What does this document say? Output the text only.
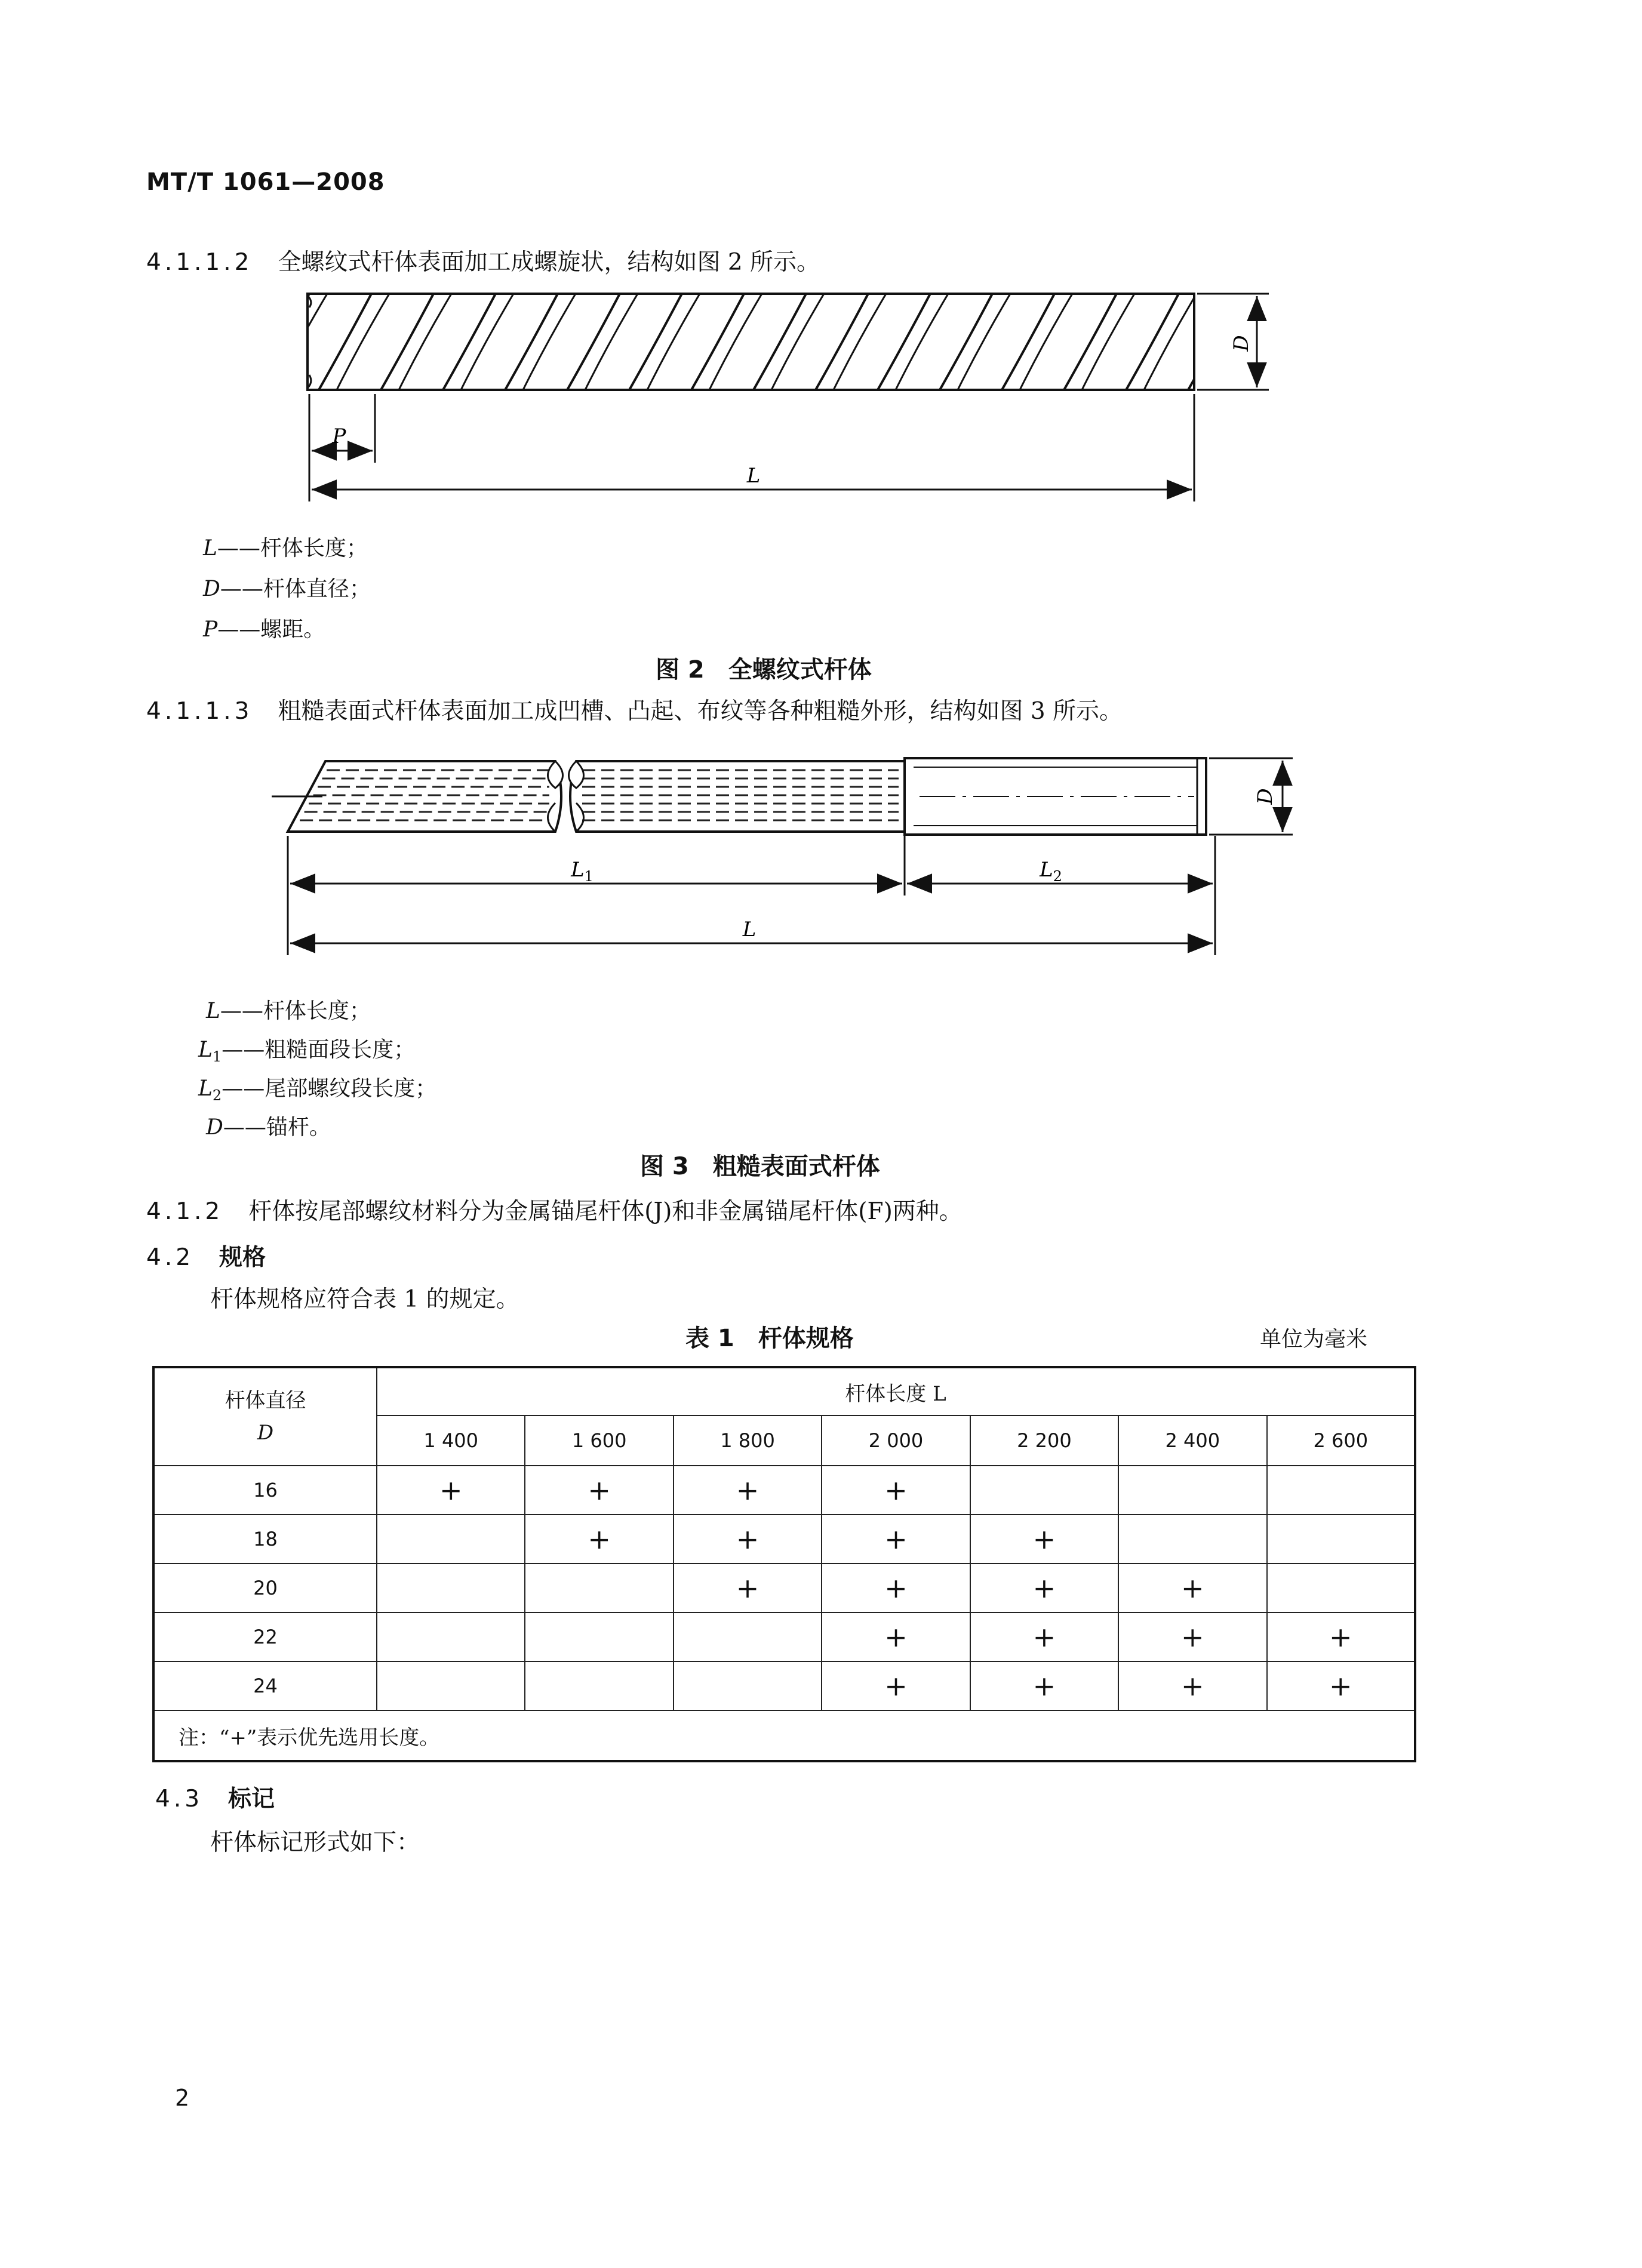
MT/T 1061—2008
4.1.1.2 全螺纹式杆体表面加工成螺旋状，结构如图 2 所示。
D
P
L
D
$L_1$	$L_2$
L
L——杆体长度；
D——杆体直径；
P——螺距。
图 2 全螺纹式杆体
4.1.1.3 粗糙表面式杆体表面加工成凹槽、凸起、布纹等各种粗糙外形，结构如图 3 所示。
L——杆体长度；
$L_1——$粗糙面段长度；
$L_2——$尾部螺纹段长度；
D——锚杆。
图 3 粗糙表面式杆体
4.1.2 杆体按尾部螺纹材料分为金属锚尾杆体(J)和非金属锚尾杆体(F)两种。
4.2 规格
杆体规格应符合表 1 的规定。
表 1 杆体规格	单位为毫米
杆体直径
D	杆体长度 L						
	1 400	1 600	1 800	2 000	2 200	2 400	2 600
16	+	+	+	+			
18		+	+	+	+		
20			+	+	+	+	
22				+	+	+	+
24				+	+	+	+
注：“+”表示优先选用长度。							
4.3 标记
杆体标记形式如下：
2
